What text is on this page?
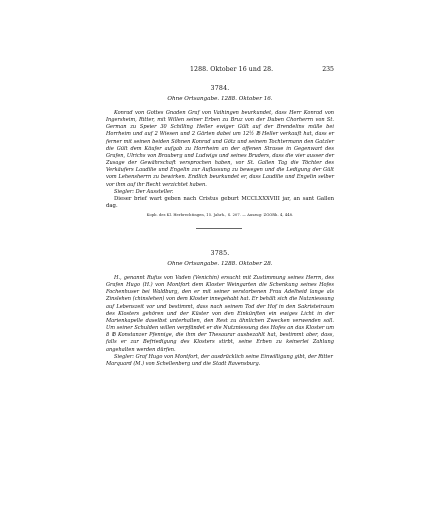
1288. Oktober 16 und 28.	235

3784.

Ohne Ortsangabe. 1288. Oktober 16.

Konrad von Gottes Gnaden Graf von Vaihingen beurkundet, dass Herr Konrad von Ingersheim, Ritter, mit Willen seiner Erben zu Bruz von der Duben Chorherrn von St. German zu Speier 30 Schilling Heller ewiger Gült auf der Brendelins mülle bei Horrheim und auf 2 Wiesen und 2 Gärten dabei um 12½ ℔ Heller verkauft hat, dass er ferner mit seinen beiden Söhnen Konrad und Götz und seinem Tochtermann den Gatzler die Gült dem Käufer aufgab zu Horrheim an der offenen Strasse in Gegenwart des Grafen, Ulrichs von Brauberg und Ludwigs und seines Bruders, dass die vier ausser der Zusage der Gewährschaft versprochen haben, vor St. Gallen Tag die Töchter des Verkäufers Laudilie und Engelin zur Auflassung zu bewegen und die Ledigung der Gült vom Lehensherrn zu bewirken. Endlich beurkundet er, dass Laudilie und Engelin selber vor ihm auf ihr Recht verzichtet haben.

Siegler: Der Aussteller.

Dieser brief wart geben nach Cristus geburt MCCLXXXVIII jar, an sant Gallen dag.

Kopb. des Kl. Herbrechtingen, 15. Jahrh., S. 207. — Auszug: ZGORh. 4, 448.

3785.

Ohne Ortsangabe. 1288. Oktober 28.

H., genannt Rufus von Vaden (Venichin) ersucht mit Zustimmung seines Herrn, des Grafen Hugo (H.) von Montfort dem Kloster Weingarten die Schenkung seines Hofes Fochenhuser bei Waldburg, den er mit seiner verstorbenen Frau Adelheid lange als Zinslehen (chinslehen) von dem Kloster innegehabt hat. Er behält sich die Nutzniessung auf Lebenszeit vor und bestimmt, dass nach seinem Tod der Hof in den Sakristeiraum des Klosters gehören und der Küster von den Einkünften ein ewiges Licht in der Marienkapelle daselbst unterhalten, den Rest zu ähnlichen Zwecken verwenden soll. Um seiner Schulden willen verpfändet er die Nutzniessung des Hofes an das Kloster um 8 ℔ Konstanzer Pfennige, die ihm der Thesaurar ausbezahlt hat, bestimmt aber, dass, falls er zur Befriedigung des Klosters stirbt, seine Erben zu keinerlei Zahlung angehalten werden dürfen.

Siegler: Graf Hugo von Montfort, der ausdrücklich seine Einwilligung gibt, der Ritter Marquard (M.) von Schellenberg und die Stadt Ravensburg.
